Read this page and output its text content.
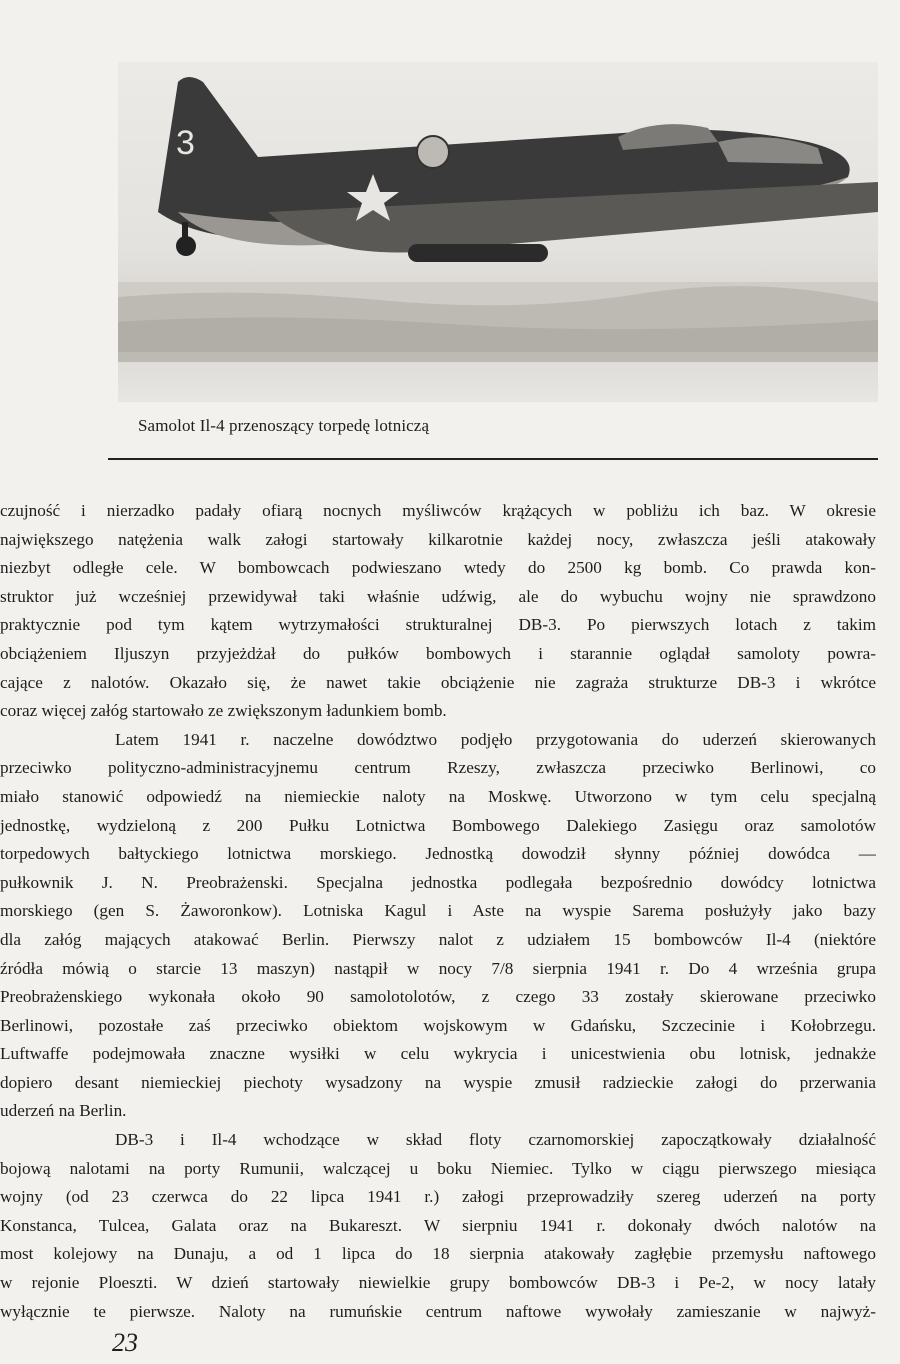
3
Samolot Il-4 przenoszący torpedę lotniczą
czujność i nierzadko padały ofiarą nocnych myśliwców krążących w pobliżu ich baz. W okresie
największego natężenia walk załogi startowały kilkarotnie każdej nocy, zwłaszcza jeśli atakowały
niezbyt odległe cele. W bombowcach podwieszano wtedy do 2500 kg bomb. Co prawda kon-
struktor już wcześniej przewidywał taki właśnie udźwig, ale do wybuchu wojny nie sprawdzono
praktycznie pod tym kątem wytrzymałości strukturalnej DB-3. Po pierwszych lotach z takim
obciążeniem Iljuszyn przyjeżdżał do pułków bombowych i starannie oglądał samoloty powra-
cające z nalotów. Okazało się, że nawet takie obciążenie nie zagraża strukturze DB-3 i wkrótce
coraz więcej załóg startowało ze zwiększonym ładunkiem bomb.
Latem 1941 r. naczelne dowództwo podjęło przygotowania do uderzeń skierowanych
przeciwko polityczno-administracyjnemu centrum Rzeszy, zwłaszcza przeciwko Berlinowi, co
miało stanowić odpowiedź na niemieckie naloty na Moskwę. Utworzono w tym celu specjalną
jednostkę, wydzieloną z 200 Pułku Lotnictwa Bombowego Dalekiego Zasięgu oraz samolotów
torpedowych bałtyckiego lotnictwa morskiego. Jednostką dowodził słynny później dowódca —
pułkownik J. N. Preobrażenski. Specjalna jednostka podlegała bezpośrednio dowódcy lotnictwa
morskiego (gen S. Żaworonkow). Lotniska Kagul i Aste na wyspie Sarema posłużyły jako bazy
dla załóg mających atakować Berlin. Pierwszy nalot z udziałem 15 bombowców Il-4 (niektóre
źródła mówią o starcie 13 maszyn) nastąpił w nocy 7/8 sierpnia 1941 r. Do 4 września grupa
Preobrażenskiego wykonała około 90 samolotolotów, z czego 33 zostały skierowane przeciwko
Berlinowi, pozostałe zaś przeciwko obiektom wojskowym w Gdańsku, Szczecinie i Kołobrzegu.
Luftwaffe podejmowała znaczne wysiłki w celu wykrycia i unicestwienia obu lotnisk, jednakże
dopiero desant niemieckiej piechoty wysadzony na wyspie zmusił radzieckie załogi do przerwania
uderzeń na Berlin.
DB-3 i Il-4 wchodzące w skład floty czarnomorskiej zapoczątkowały działalność
bojową nalotami na porty Rumunii, walczącej u boku Niemiec. Tylko w ciągu pierwszego miesiąca
wojny (od 23 czerwca do 22 lipca 1941 r.) załogi przeprowadziły szereg uderzeń na porty
Konstanca, Tulcea, Galata oraz na Bukareszt. W sierpniu 1941 r. dokonały dwóch nalotów na
most kolejowy na Dunaju, a od 1 lipca do 18 sierpnia atakowały zagłębie przemysłu naftowego
w rejonie Ploeszti. W dzień startowały niewielkie grupy bombowców DB-3 i Pe-2, w nocy latały
wyłącznie te pierwsze. Naloty na rumuńskie centrum naftowe wywołały zamieszanie w najwyż-
23
